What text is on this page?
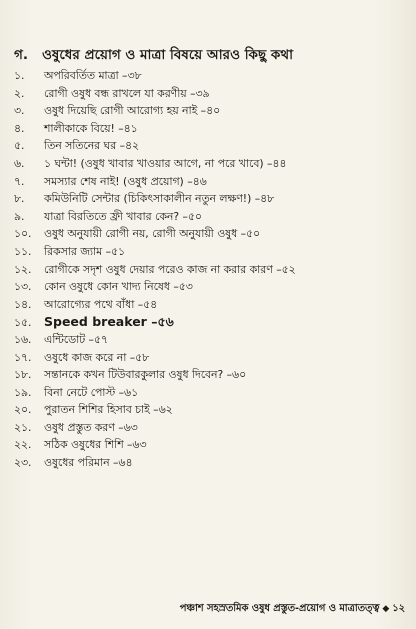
গ. ওষুধের প্রয়োগ ও মাত্রা বিষয়ে আরও কিছু কথা
১. অপরিবর্তিত মাত্রা –৩৮
২. রোগী ওষুধ বন্ধ রাখলে যা করণীয় –৩৯
৩. ওষুধ দিয়েছি রোগী আরোগ্য হয় নাই –৪০
৪. শালীকাকে বিয়ে! –৪১
৫. তিন সতিনের ঘর –৪২
৬. ১ ঘন্টা! (ওষুধ খাবার খাওয়ার আগে, না পরে খাবে) –৪৪
৭. সমস্যার শেষ নাই! (ওষুধ প্রয়োগ) –৪৬
৮. কমিউনিটি সেন্টার (চিকিৎসাকালীন নতুন লক্ষণ!) –৪৮
৯. যাত্রা বিরতিতে ফ্রী খাবার কেন? –৫০
১০. ওষুধ অনুযায়ী রোগী নয়, রোগী অনুযায়ী ওষুধ –৫০
১১. রিকসার জ্যাম –৫১
১২. রোগীকে সদৃশ ওষুধ দেয়ার পরেও কাজ না করার কারণ –৫২
১৩. কোন ওষুধে কোন খাদ্য নিষেধ –৫৩
১৪. আরোগ্যের পথে বাঁধা –৫৪
১৫. Speed breaker –৫৬
১৬. এন্টিডোট –৫৭
১৭. ওষুধে কাজ করে না –৫৮
১৮. সন্তানকে কখন টিউবারকুলার ওষুধ দিবেন? –৬০
১৯. বিনা নেটে পোস্ট –৬১
২০. পুরাতন শিশির হিসাব চাই –৬২
২১. ওষুধ প্রস্তুত করণ –৬৩
২২. সঠিক ওষুধের শিশি –৬৩
২৩. ওষুধের পরিমান –৬৪
পঞ্চাশ সহস্রতমিক ওষুধ প্রস্তুত-প্রয়োগ ও মাত্রাতত্ত্ব ◆ ১২
